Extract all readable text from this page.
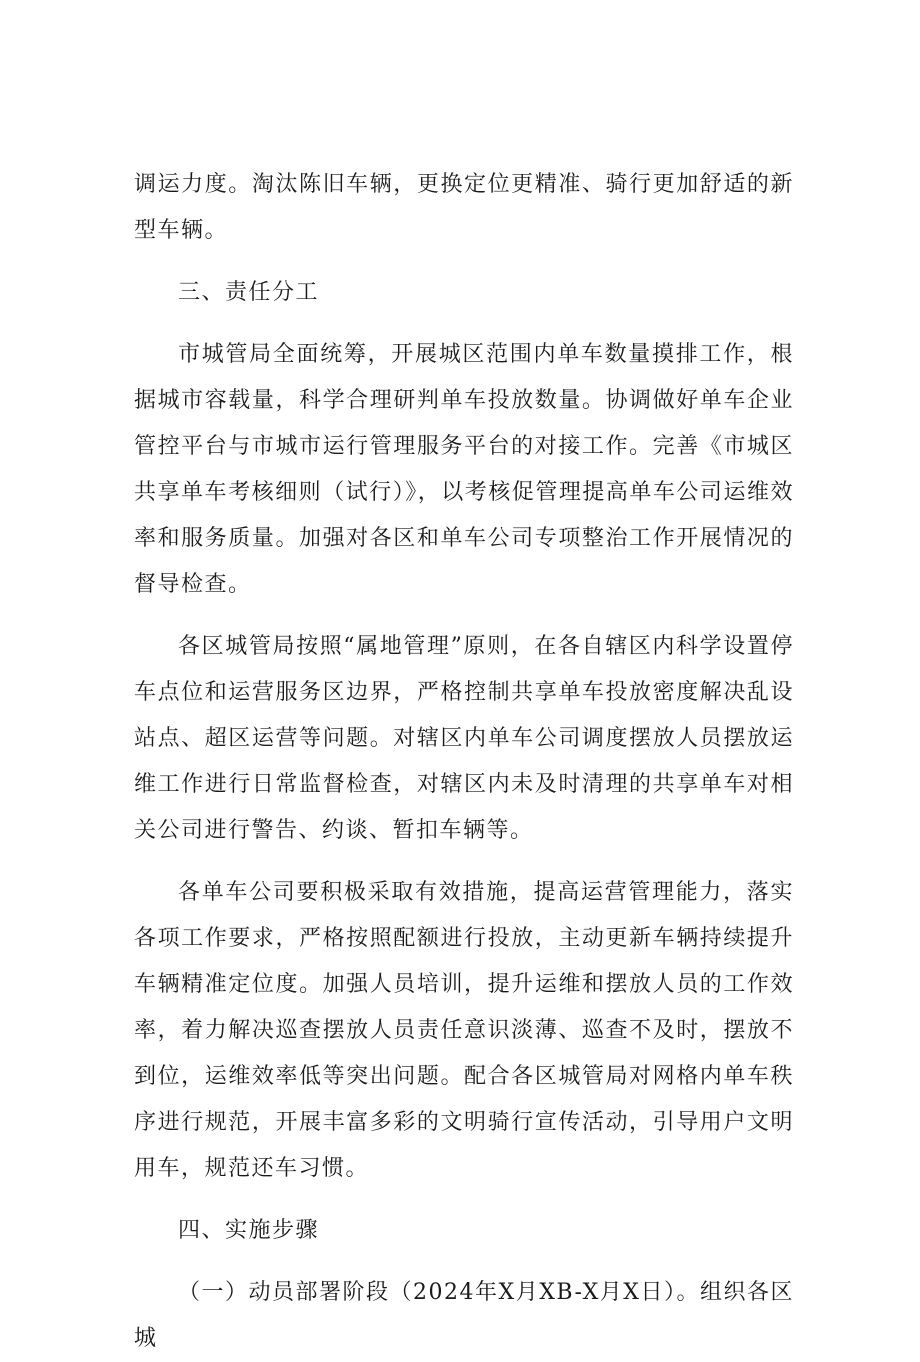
调运力度。淘汰陈旧车辆，更换定位更精准、骑行更加舒适的新型车辆。

三、责任分工

市城管局全面统筹，开展城区范围内单车数量摸排工作，根据城市容载量，科学合理研判单车投放数量。协调做好单车企业管控平台与市城市运行管理服务平台的对接工作。完善《市城区共享单车考核细则（试行）》，以考核促管理提高单车公司运维效率和服务质量。加强对各区和单车公司专项整治工作开展情况的督导检查。

各区城管局按照“属地管理”原则，在各自辖区内科学设置停车点位和运营服务区边界，严格控制共享单车投放密度解决乱设站点、超区运营等问题。对辖区内单车公司调度摆放人员摆放运维工作进行日常监督检查，对辖区内未及时清理的共享单车对相关公司进行警告、约谈、暂扣车辆等。

各单车公司要积极采取有效措施，提高运营管理能力，落实各项工作要求，严格按照配额进行投放，主动更新车辆持续提升车辆精准定位度。加强人员培训，提升运维和摆放人员的工作效率，着力解决巡查摆放人员责任意识淡薄、巡查不及时，摆放不到位，运维效率低等突出问题。配合各区城管局对网格内单车秩序进行规范，开展丰富多彩的文明骑行宣传活动，引导用户文明用车，规范还车习惯。

四、实施步骤

（一）动员部署阶段（2024年X月XB-X月X日）。组织各区城
